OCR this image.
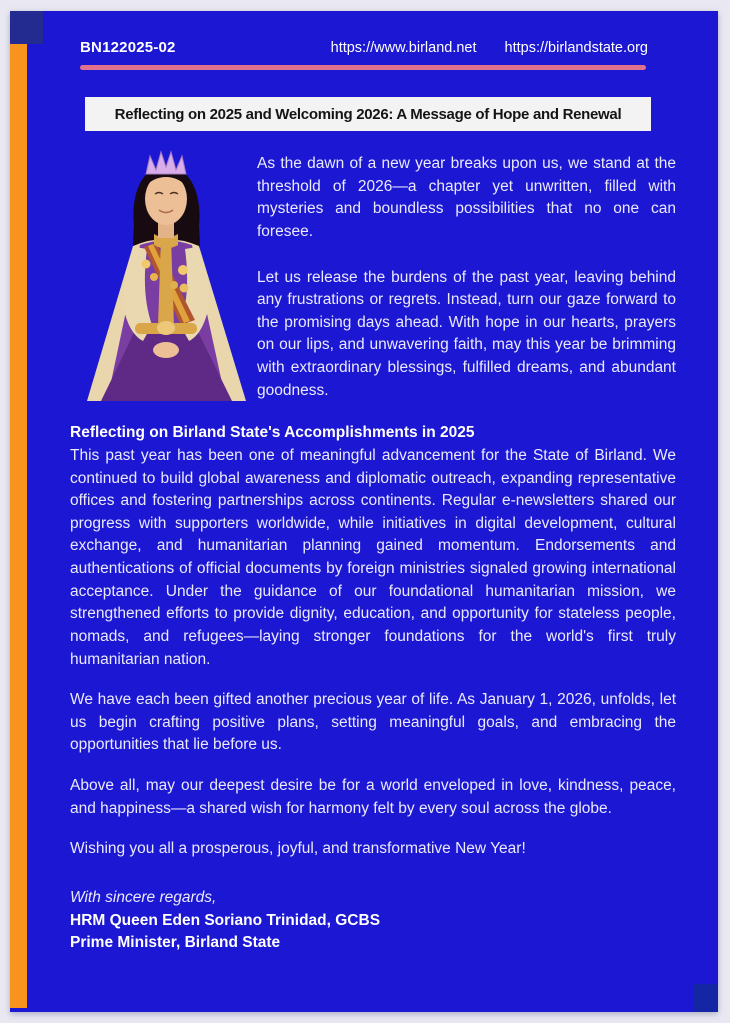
BN122025-02	https://www.birland.net https://birlandstate.org
Reflecting on 2025 and Welcoming 2026: A Message of Hope and Renewal

As the dawn of a new year breaks upon us, we stand at the threshold of 2026—a chapter yet unwritten, filled with mysteries and boundless possibilities that no one can foresee.

Let us release the burdens of the past year, leaving behind any frustrations or regrets. Instead, turn our gaze forward to the promising days ahead. With hope in our hearts, prayers on our lips, and unwavering faith, may this year be brimming with extraordinary blessings, fulfilled dreams, and abundant goodness.

Reflecting on Birland State's Accomplishments in 2025

This past year has been one of meaningful advancement for the State of Birland. We continued to build global awareness and diplomatic outreach, expanding representative offices and fostering partnerships across continents. Regular e-newsletters shared our progress with supporters worldwide, while initiatives in digital development, cultural exchange, and humanitarian planning gained momentum. Endorsements and authentications of official documents by foreign ministries signaled growing international acceptance. Under the guidance of our foundational humanitarian mission, we strengthened efforts to provide dignity, education, and opportunity for stateless people, nomads, and refugees—laying stronger foundations for the world's first truly humanitarian nation.

We have each been gifted another precious year of life. As January 1, 2026, unfolds, let us begin crafting positive plans, setting meaningful goals, and embracing the opportunities that lie before us.

Above all, may our deepest desire be for a world enveloped in love, kindness, peace, and happiness—a shared wish for harmony felt by every soul across the globe.

Wishing you all a prosperous, joyful, and transformative New Year!

With sincere regards,

HRM Queen Eden Soriano Trinidad, GCBS

Prime Minister, Birland State
